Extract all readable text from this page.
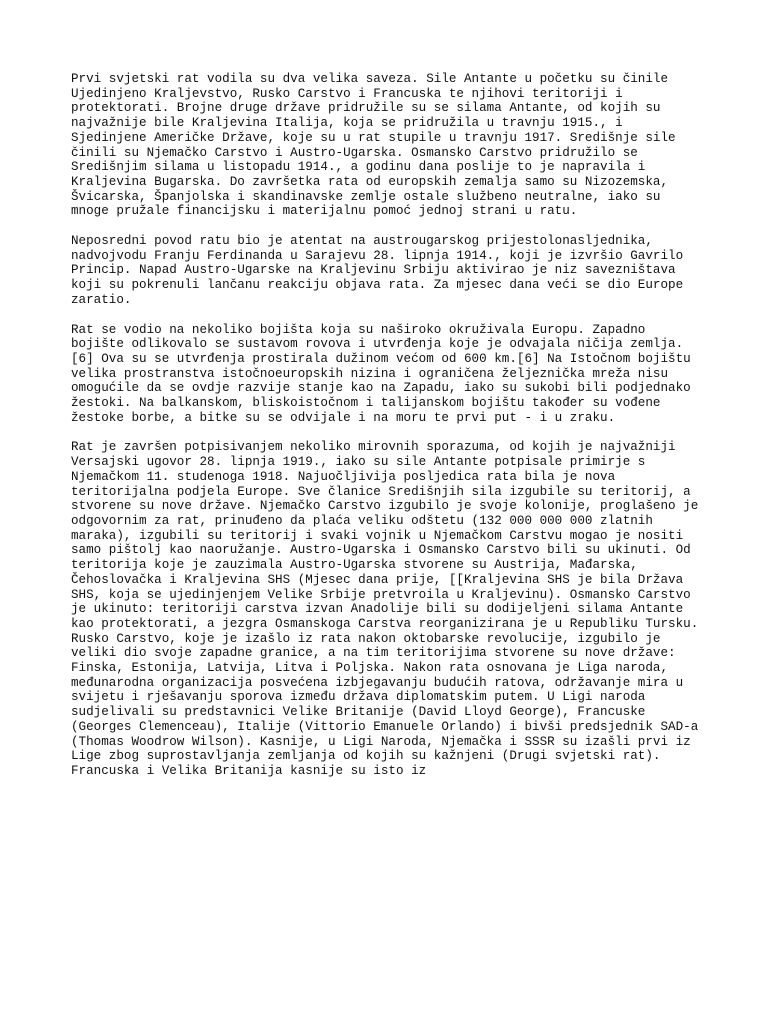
Prvi svjetski rat vodila su dva velika saveza. Sile Antante u početku su činile
Ujedinjeno Kraljevstvo, Rusko Carstvo i Francuska te njihovi teritoriji i
protektorati. Brojne druge države pridružile su se silama Antante, od kojih su
najvažnije bile Kraljevina Italija, koja se pridružila u travnju 1915., i
Sjedinjene Američke Države, koje su u rat stupile u travnju 1917. Središnje sile
činili su Njemačko Carstvo i Austro-Ugarska. Osmansko Carstvo pridružilo se
Središnjim silama u listopadu 1914., a godinu dana poslije to je napravila i
Kraljevina Bugarska. Do završetka rata od europskih zemalja samo su Nizozemska,
Švicarska, Španjolska i skandinavske zemlje ostale službeno neutralne, iako su
mnoge pružale financijsku i materijalnu pomoć jednoj strani u ratu.

Neposredni povod ratu bio je atentat na austrougarskog prijestolonasljednika,
nadvojvodu Franju Ferdinanda u Sarajevu 28. lipnja 1914., koji je izvršio Gavrilo
Princip. Napad Austro-Ugarske na Kraljevinu Srbiju aktivirao je niz savezništava
koji su pokrenuli lančanu reakciju objava rata. Za mjesec dana veći se dio Europe
zaratio.

Rat se vodio na nekoliko bojišta koja su naširoko okruživala Europu. Zapadno
bojište odlikovalo se sustavom rovova i utvrđenja koje je odvajala ničija zemlja.
[6] Ova su se utvrđenja prostirala dužinom većom od 600 km.[6] Na Istočnom bojištu
velika prostranstva istočnoeuropskih nizina i ograničena željeznička mreža nisu
omogućile da se ovdje razvije stanje kao na Zapadu, iako su sukobi bili podjednako
žestoki. Na balkanskom, bliskoistočnom i talijanskom bojištu također su vođene
žestoke borbe, a bitke su se odvijale i na moru te prvi put - i u zraku.

Rat je završen potpisivanjem nekoliko mirovnih sporazuma, od kojih je najvažniji
Versajski ugovor 28. lipnja 1919., iako su sile Antante potpisale primirje s
Njemačkom 11. studenoga 1918. Najuočljivija posljedica rata bila je nova
teritorijalna podjela Europe. Sve članice Središnjih sila izgubile su teritorij, a
stvorene su nove države. Njemačko Carstvo izgubilo je svoje kolonije, proglašeno je
odgovornim za rat, prinuđeno da plaća veliku odštetu (132 000 000 000 zlatnih
maraka), izgubili su teritorij i svaki vojnik u Njemačkom Carstvu mogao je nositi
samo pištolj kao naoružanje. Austro-Ugarska i Osmansko Carstvo bili su ukinuti. Od
teritorija koje je zauzimala Austro-Ugarska stvorene su Austrija, Mađarska,
Čehoslovačka i Kraljevina SHS (Mjesec dana prije, [[Kraljevina SHS je bila Država
SHS, koja se ujedinjenjem Velike Srbije pretvroila u Kraljevinu). Osmansko Carstvo
je ukinuto: teritoriji carstva izvan Anadolije bili su dodijeljeni silama Antante
kao protektorati, a jezgra Osmanskoga Carstva reorganizirana je u Republiku Tursku.
Rusko Carstvo, koje je izašlo iz rata nakon oktobarske revolucije, izgubilo je
veliki dio svoje zapadne granice, a na tim teritorijima stvorene su nove države:
Finska, Estonija, Latvija, Litva i Poljska. Nakon rata osnovana je Liga naroda,
međunarodna organizacija posvećena izbjegavanju budućih ratova, održavanje mira u
svijetu i rješavanju sporova između država diplomatskim putem. U Ligi naroda
sudjelivali su predstavnici Velike Britanije (David Lloyd George), Francuske
(Georges Clemenceau), Italije (Vittorio Emanuele Orlando) i bivši predsjednik SAD-a
(Thomas Woodrow Wilson). Kasnije, u Ligi Naroda, Njemačka i SSSR su izašli prvi iz
Lige zbog suprostavljanja zemljanja od kojih su kažnjeni (Drugi svjetski rat).
Francuska i Velika Britanija kasnije su isto iz
